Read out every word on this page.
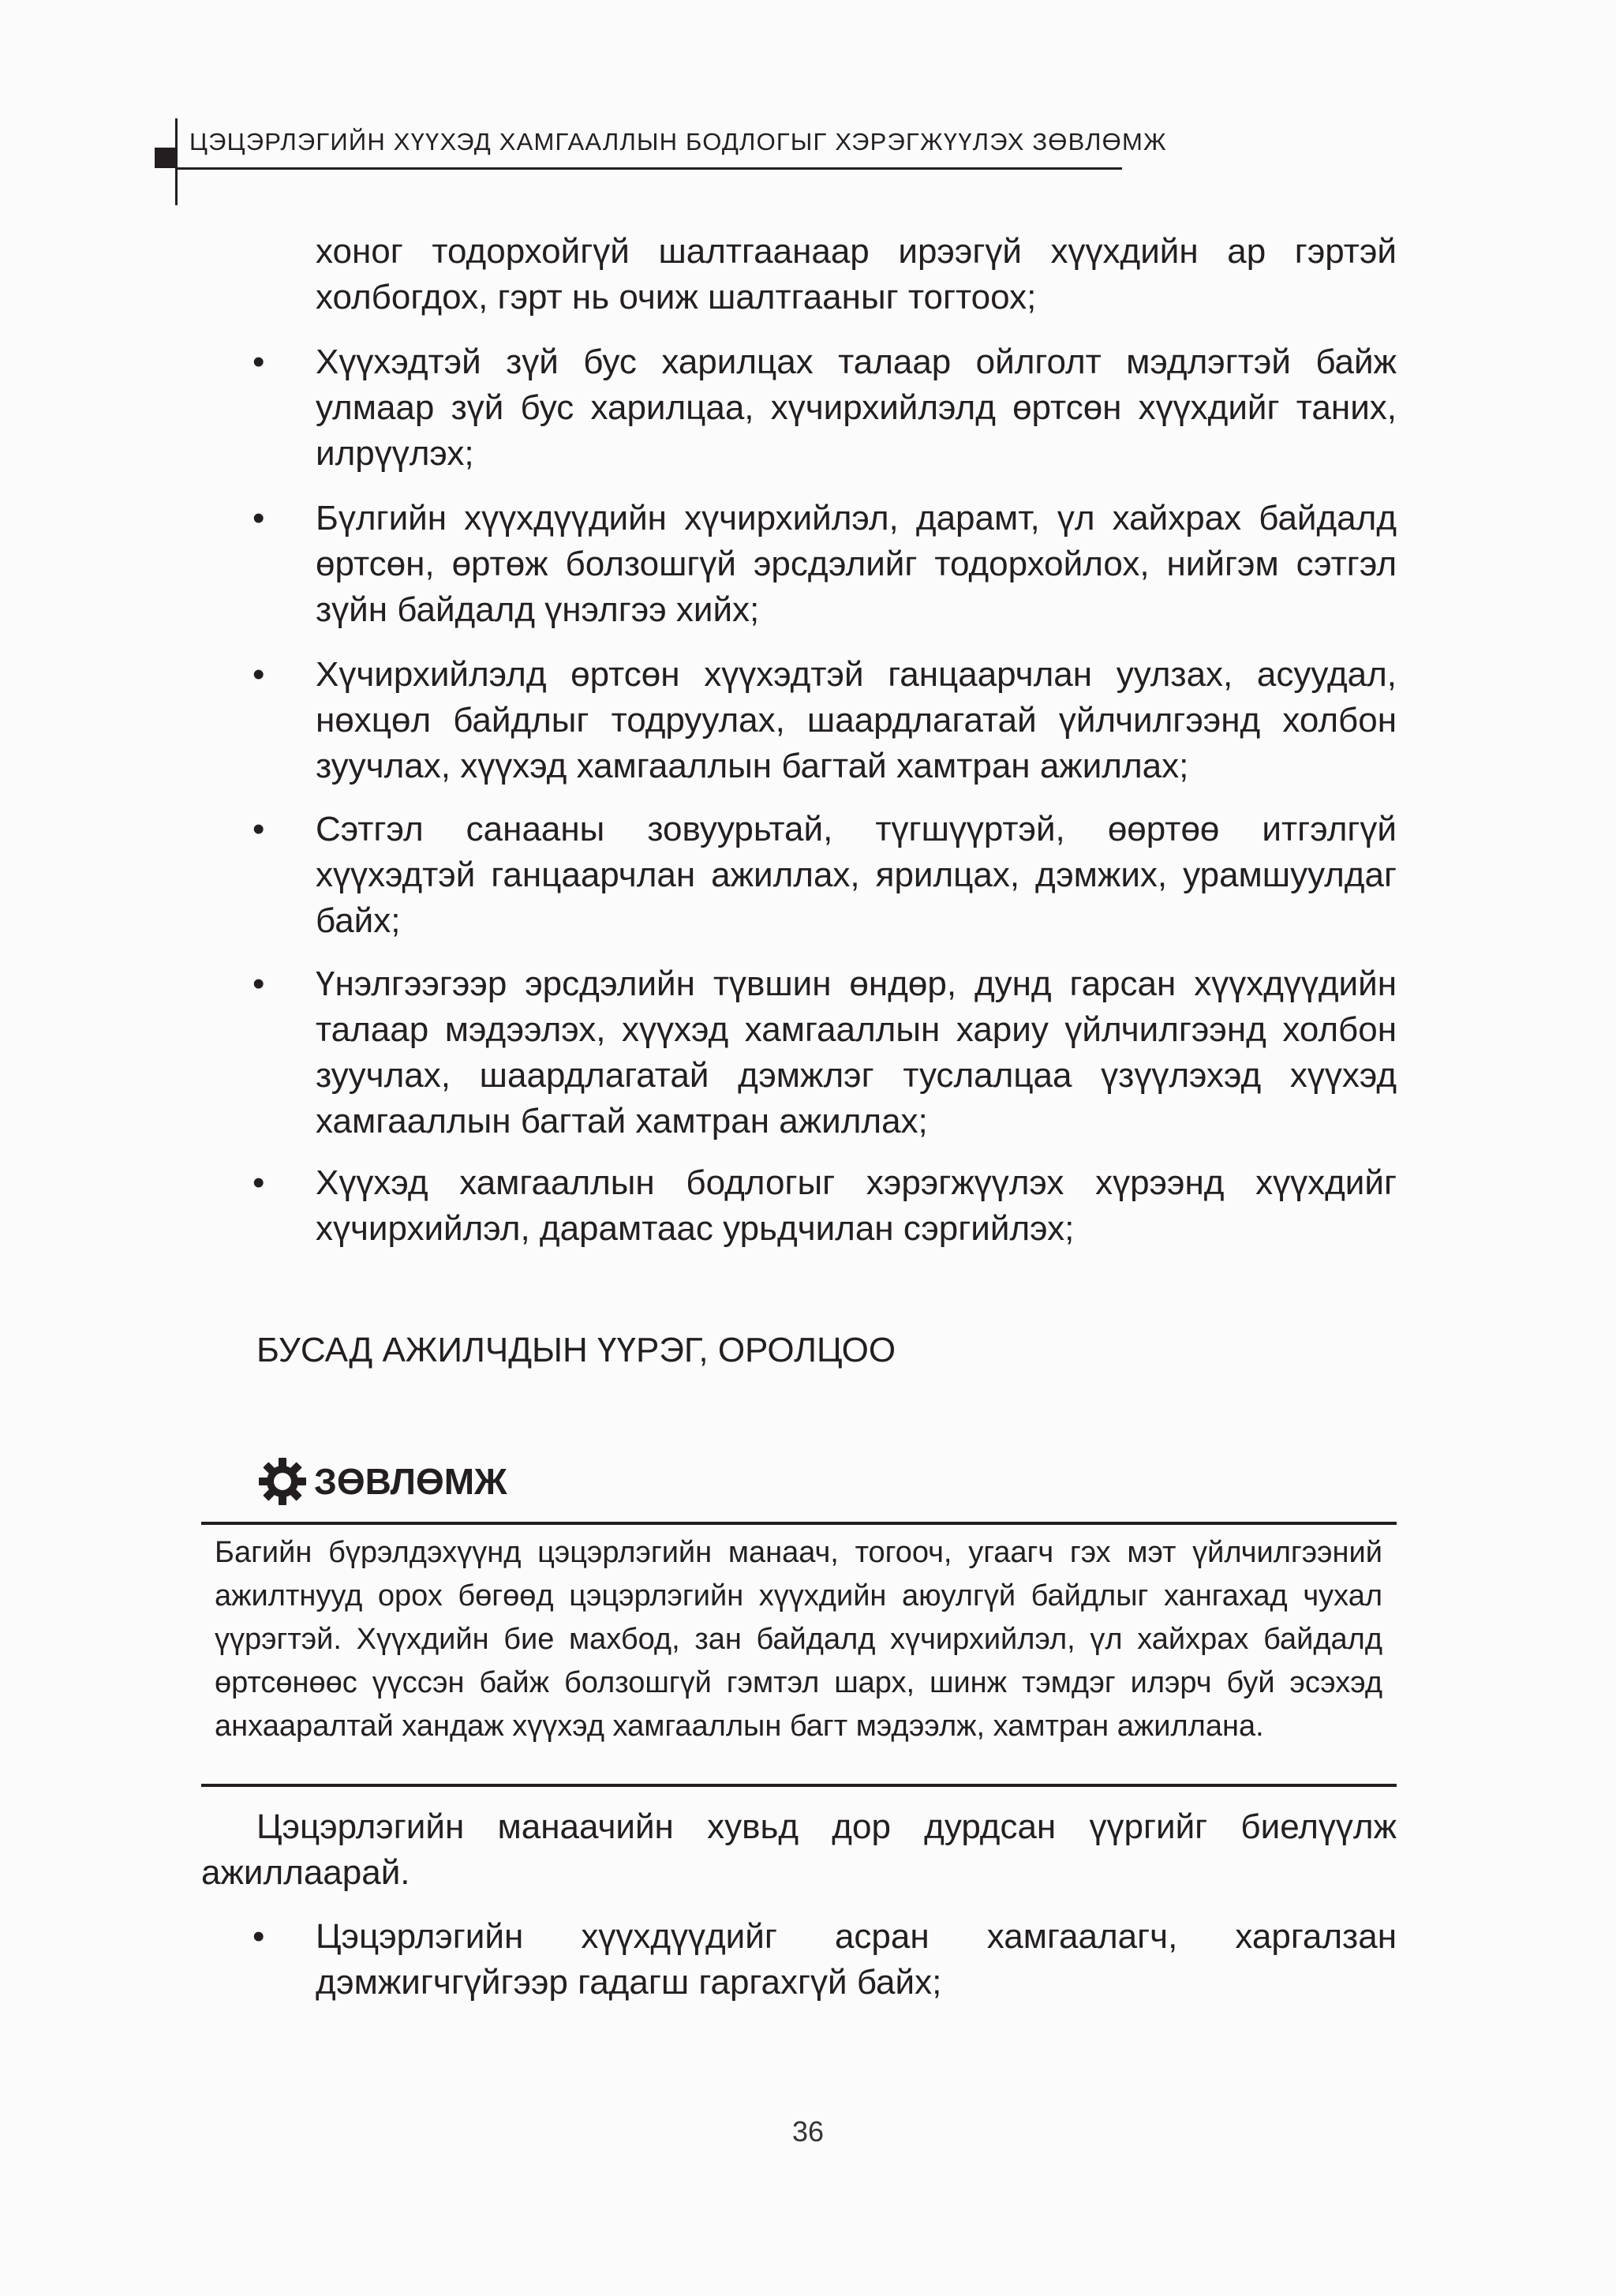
ЦЭЦЭРЛЭГИЙН ХҮҮХЭД ХАМГААЛЛЫН БОДЛОГЫГ ХЭРЭГЖҮҮЛЭХ ЗӨВЛӨМЖ
хоног тодорхойгүй шалтгаанаар ирээгүй хүүхдийн ар гэртэй холбогдох, гэрт нь очиж шалтгааныг тогтоох;
• Хүүхэдтэй зүй бус харилцах талаар ойлголт мэдлэгтэй байж улмаар зүй бус харилцаа, хүчирхийлэлд өртсөн хүүхдийг таних, илрүүлэх;
• Бүлгийн хүүхдүүдийн хүчирхийлэл, дарамт, үл хайхрах байдалд өртсөн, өртөж болзошгүй эрсдэлийг тодорхойлох, нийгэм сэтгэл зүйн байдалд үнэлгээ хийх;
• Хүчирхийлэлд өртсөн хүүхэдтэй ганцаарчлан уулзах, асуудал, нөхцөл байдлыг тодруулах, шаардлагатай үйлчилгээнд холбон зуучлах, хүүхэд хамгааллын багтай хамтран ажиллах;
• Сэтгэл санааны зовуурьтай, түгшүүртэй, өөртөө итгэлгүй хүүхэдтэй ганцаарчлан ажиллах, ярилцах, дэмжих, урамшуулдаг байх;
• Үнэлгээгээр эрсдэлийн түвшин өндөр, дунд гарсан хүүхдүүдийн талаар мэдээлэх, хүүхэд хамгааллын хариу үйлчилгээнд холбон зуучлах, шаардлагатай дэмжлэг туслалцаа үзүүлэхэд хүүхэд хамгааллын багтай хамтран ажиллах;
• Хүүхэд хамгааллын бодлогыг хэрэгжүүлэх хүрээнд хүүхдийг хүчирхийлэл, дарамтаас урьдчилан сэргийлэх;
БУСАД АЖИЛЧДЫН ҮҮРЭГ, ОРОЛЦОО
ЗӨВЛӨМЖ
Багийн бүрэлдэхүүнд цэцэрлэгийн манаач, тогооч, угаагч гэх мэт үйлчилгээний ажилтнууд орох бөгөөд цэцэрлэгийн хүүхдийн аюулгүй байдлыг хангахад чухал үүрэгтэй. Хүүхдийн бие махбод, зан байдалд хүчирхийлэл, үл хайхрах байдалд өртсөнөөс үүссэн байж болзошгүй гэмтэл шарх, шинж тэмдэг илэрч буй эсэхэд анхааралтай хандаж хүүхэд хамгааллын багт мэдээлж, хамтран ажиллана.
Цэцэрлэгийн манаачийн хувьд дор дурдсан үүргийг биелүүлж ажиллаарай.
• Цэцэрлэгийн хүүхдүүдийг асран хамгаалагч, харгалзан дэмжигчгүйгээр гадагш гаргахгүй байх;
36
